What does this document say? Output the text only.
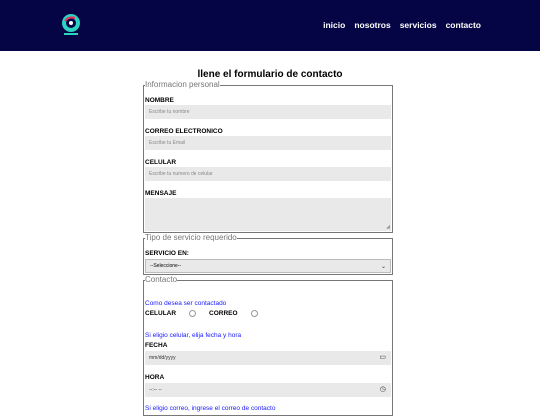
inicio nosotros servicios contacto
llene el formulario de contacto
Informacion personal
NOMBRE
Escribe tu nombre
CORREO ELECTRONICO
Escribe tu Email
CELULAR
Escribe tu numero de celular
MENSAJE
◢
Tipo de servicio requerido
SERVICIO EN:
--Seleccione--	⌄
Contacto
Como desea ser contactado
CELULAR	CORREO
Si eligio celular, elija fecha y hora
FECHA
mm/dd/yyyy	▭
HORA
--:-- --	◷
Si eligio correo, ingrese el correo de contacto
